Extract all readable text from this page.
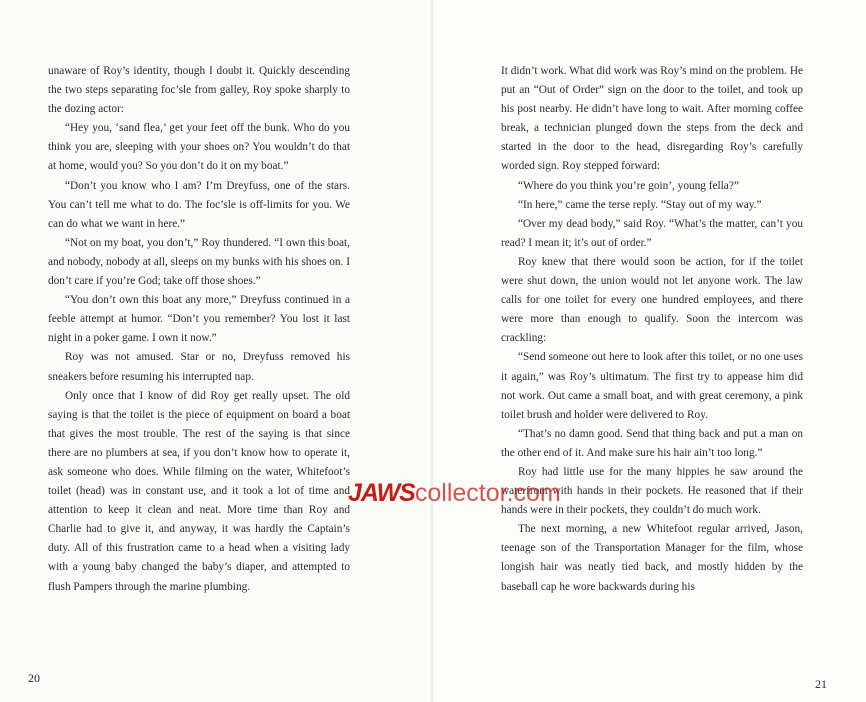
unaware of Roy’s identity, though I doubt it. Quickly descending the two steps separating foc’sle from galley, Roy spoke sharply to the dozing actor:

“Hey you, ‘sand flea,’ get your feet off the bunk. Who do you think you are, sleeping with your shoes on? You wouldn’t do that at home, would you? So you don’t do it on my boat.”

“Don’t you know who I am? I’m Dreyfuss, one of the stars. You can’t tell me what to do. The foc’sle is off-limits for you. We can do what we want in here.”

“Not on my boat, you don’t,” Roy thundered. “I own this boat, and nobody, nobody at all, sleeps on my bunks with his shoes on. I don’t care if you’re God; take off those shoes.”

“You don’t own this boat any more,” Dreyfuss continued in a feeble attempt at humor. “Don’t you remember? You lost it last night in a poker game. I own it now.”

Roy was not amused. Star or no, Dreyfuss removed his sneakers before resuming his interrupted nap.

Only once that I know of did Roy get really upset. The old saying is that the toilet is the piece of equipment on board a boat that gives the most trouble. The rest of the saying is that since there are no plumbers at sea, if you don’t know how to operate it, ask someone who does. While filming on the water, Whitefoot’s toilet (head) was in constant use, and it took a lot of time and attention to keep it clean and neat. More time than Roy and Charlie had to give it, and anyway, it was hardly the Captain’s duty. All of this frustration came to a head when a visiting lady with a young baby changed the baby’s diaper, and attempted to flush Pampers through the marine plumbing.

20

It didn’t work. What did work was Roy’s mind on the problem. He put an “Out of Order” sign on the door to the toilet, and took up his post nearby. He didn’t have long to wait. After morning coffee break, a technician plunged down the steps from the deck and started in the door to the head, disregarding Roy’s carefully worded sign. Roy stepped forward:

“Where do you think you’re goin’, young fella?”

“In here,” came the terse reply. “Stay out of my way.”

“Over my dead body,” said Roy. “What’s the matter, can’t you read? I mean it; it’s out of order.”

Roy knew that there would soon be action, for if the toilet were shut down, the union would not let anyone work. The law calls for one toilet for every one hundred employees, and there were more than enough to qualify. Soon the intercom was crackling:

“Send someone out here to look after this toilet, or no one uses it again,” was Roy’s ultimatum. The first try to appease him did not work. Out came a small boat, and with great ceremony, a pink toilet brush and holder were delivered to Roy.

“That’s no damn good. Send that thing back and put a man on the other end of it. And make sure his hair ain’t too long.”

Roy had little use for the many hippies he saw around the waterfront with hands in their pockets. He reasoned that if their hands were in their pockets, they couldn’t do much work.

The next morning, a new Whitefoot regular arrived, Jason, teenage son of the Transportation Manager for the film, whose longish hair was neatly tied back, and mostly hidden by the baseball cap he wore backwards during his

21
JAWScollector.com
